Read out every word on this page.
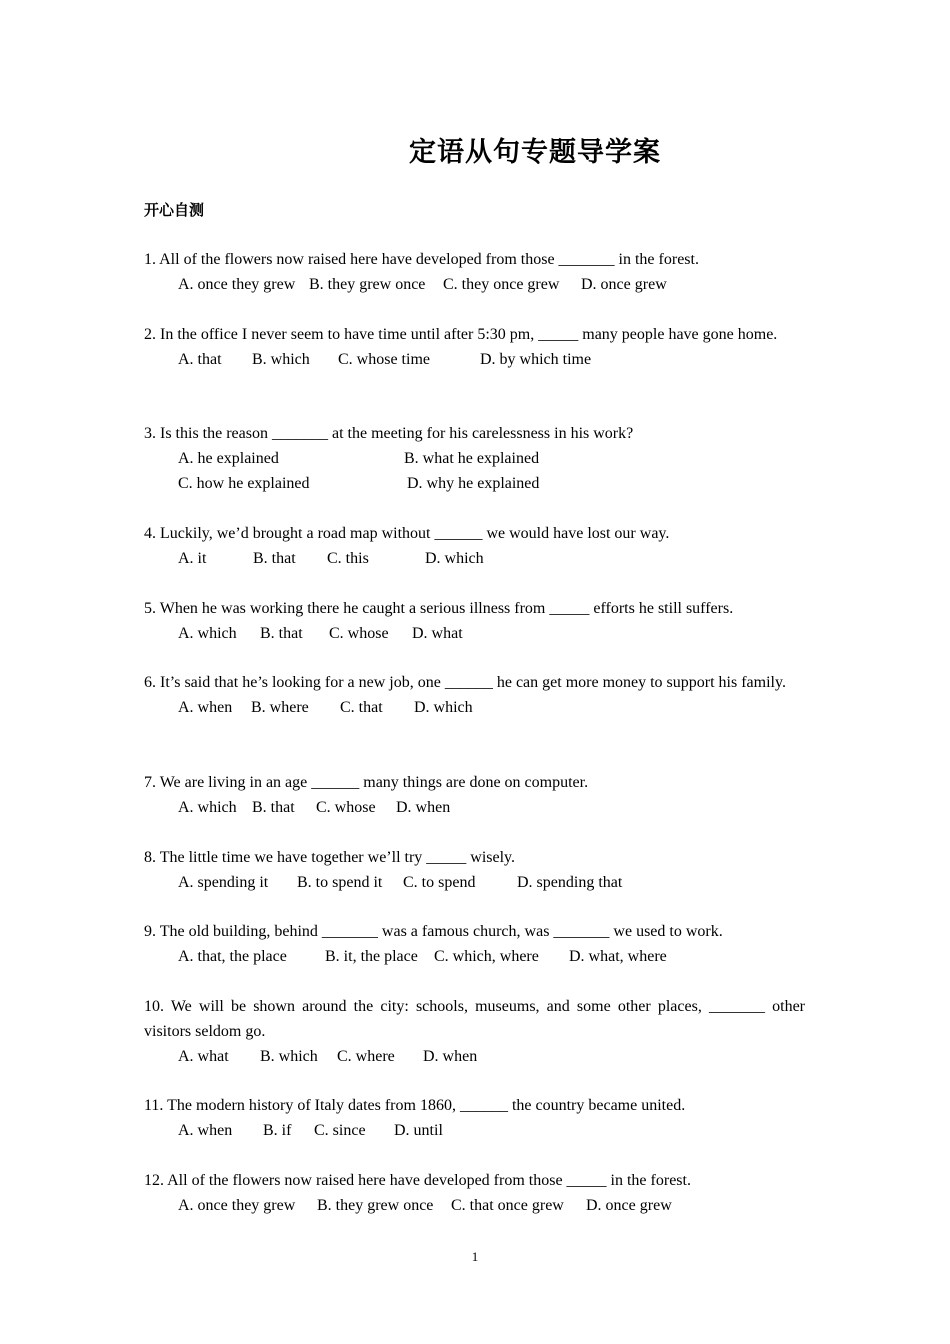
定语从句专题导学案
开心自测
1. All of the flowers now raised here have developed from those _______ in the forest.
A. once they grew B. they grew once C. they once grew D. once grew
2. In the office I never seem to have time until after 5:30 pm, _____ many people have gone home.
A. that B. which C. whose time	D. by which time
3. Is this the reason _______ at the meeting for his carelessness in his work?
A. he explained	B. what he explained
C. how he explained	D. why he explained
4. Luckily, we’d brought a road map without ______ we would have lost our way.
A. it	B. that C. this	D. which
5. When he was working there he caught a serious illness from _____ efforts he still suffers.
A. which B. that C. whose D. what
6. It’s said that he’s looking for a new job, one ______ he can get more money to support his family.
A. when B. where C. that D. which
7. We are living in an age ______ many things are done on computer.
A. which B. that C. whose D. when
8. The little time we have together we’ll try _____ wisely.
A. spending it B. to spend it C. to spend	D. spending that
9. The old building, behind _______ was a famous church, was _______ we used to work.
A. that, the place B. it, the place C. which, where D. what, where
10. We will be shown around the city: schools, museums, and some other places, _______ other visitors seldom go.
A. what B. which C. where D. when
11. The modern history of Italy dates from 1860, ______ the country became united.
A. when B. if C. since D. until
12. All of the flowers now raised here have developed from those _____ in the forest.
A. once they grew B. they grew once C. that once grew D. once grew
1
